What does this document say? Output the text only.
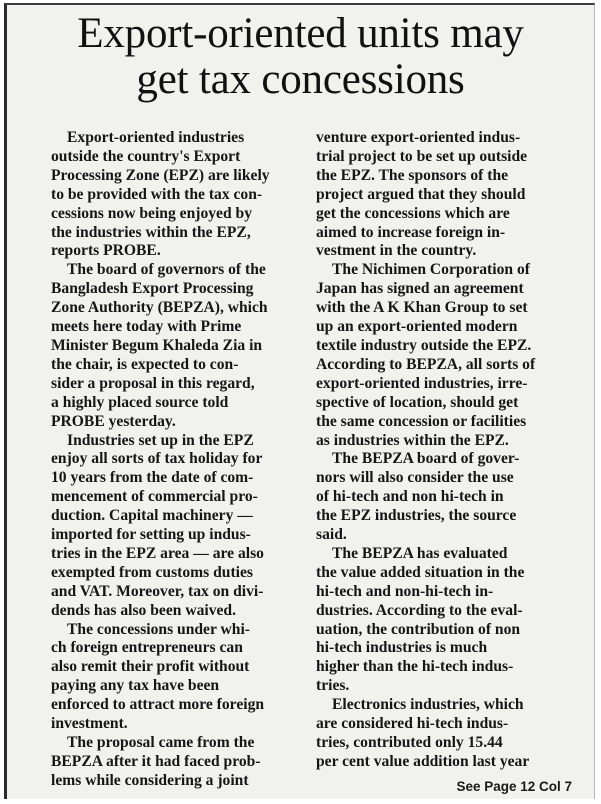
Export-oriented units may
get tax concessions

Export-oriented industries
outside the country's Export
Processing Zone (EPZ) are likely
to be provided with the tax con-
cessions now being enjoyed by
the industries within the EPZ,
reports PROBE.

The board of governors of the
Bangladesh Export Processing
Zone Authority (BEPZA), which
meets here today with Prime
Minister Begum Khaleda Zia in
the chair, is expected to con-
sider a proposal in this regard,
a highly placed source told
PROBE yesterday.

Industries set up in the EPZ
enjoy all sorts of tax holiday for
10 years from the date of com-
mencement of commercial pro-
duction. Capital machinery —
imported for setting up indus-
tries in the EPZ area — are also
exempted from customs duties
and VAT. Moreover, tax on divi-
dends has also been waived.

The concessions under whi-
ch foreign entrepreneurs can
also remit their profit without
paying any tax have been
enforced to attract more foreign
investment.

The proposal came from the
BEPZA after it had faced prob-
lems while considering a joint

venture export-oriented indus-
trial project to be set up outside
the EPZ. The sponsors of the
project argued that they should
get the concessions which are
aimed to increase foreign in-
vestment in the country.

The Nichimen Corporation of
Japan has signed an agreement
with the A K Khan Group to set
up an export-oriented modern
textile industry outside the EPZ.
According to BEPZA, all sorts of
export-oriented industries, irre-
spective of location, should get
the same concession or facilities
as industries within the EPZ.

The BEPZA board of gover-
nors will also consider the use
of hi-tech and non hi-tech in
the EPZ industries, the source
said.

The BEPZA has evaluated
the value added situation in the
hi-tech and non-hi-tech in-
dustries. According to the eval-
uation, the contribution of non
hi-tech industries is much
higher than the hi-tech indus-
tries.

Electronics industries, which
are considered hi-tech indus-
tries, contributed only 15.44
per cent value addition last year

See Page 12 Col 7
